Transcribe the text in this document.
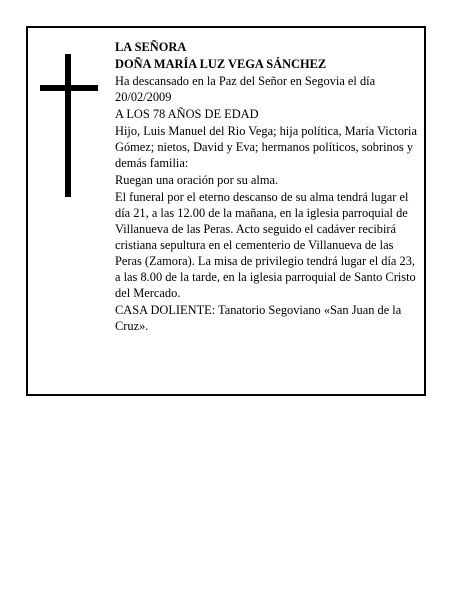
LA SEÑORA

DOÑA MARÍA LUZ VEGA SÁNCHEZ

Ha descansado en la Paz del Señor en Segovia el día 20/02/2009

A LOS 78 AÑOS DE EDAD

Hijo, Luis Manuel del Rio Vega; hija política, María Victoria Gómez; nietos, David y Eva; hermanos políticos, sobrinos y demás familia:

Ruegan una oración por su alma.

El funeral por el eterno descanso de su alma tendrá lugar el día 21, a las 12.00 de la mañana, en la iglesia parroquial de Villanueva de las Peras. Acto seguido el cadáver recibirá cristiana sepultura en el cementerio de Villanueva de las Peras (Zamora). La misa de privilegio tendrá lugar el día 23, a las 8.00 de la tarde, en la iglesia parroquial de Santo Cristo del Mercado.

CASA DOLIENTE: Tanatorio Segoviano «San Juan de la Cruz».
